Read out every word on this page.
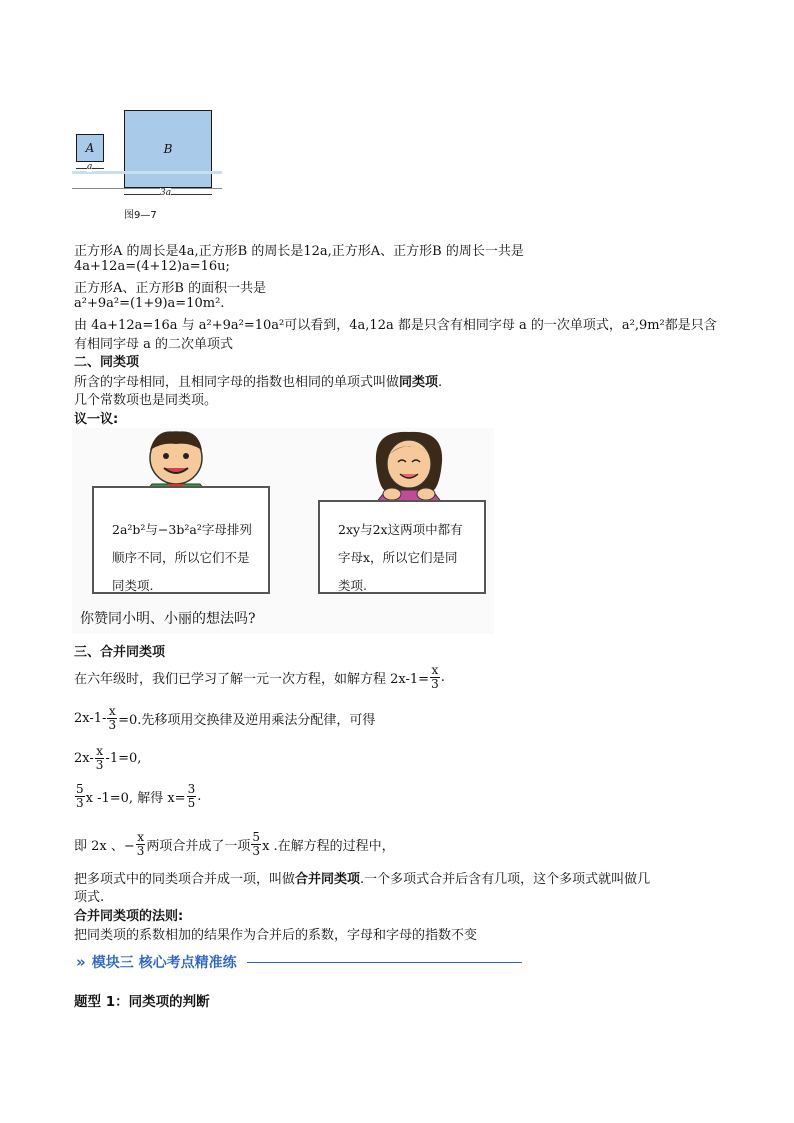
A	B
a
3a
图9—7
正方形A 的周长是4a,正方形B 的周长是12a,正方形A、正方形B 的周长一共是
4a+12a=(4+12)a=16u;
正方形A、正方形B 的面积一共是
a²+9a²=(1+9)a=10m².
由 4a+12a=16a 与 a²+9a²=10a²可以看到，4a,12a 都是只含有相同字母 a 的一次单项式，a²,9m²都是只含
有相同字母 a 的二次单项式
二、同类项
所含的字母相同，且相同字母的指数也相同的单项式叫做同类项.
几个常数项也是同类项。
议一议:
2a²b²与−3b²a²字母排列顺序不同，所以它们不是同类项.
2xy与2x这两项中都有字母x，所以它们是同类项.
你赞同小明、小丽的想法吗?
三、合并同类项
在六年级时，我们已学习了解一元一次方程，如解方程 $2x-1= \frac{x}{3}$ .
$2x-1- \frac{x}{3} =0$.先移项用交换律及逆用乘法分配律，可得
$2x- \frac{x}{3} -1=0$,
$\frac{5}{3}$ x -1=0, 解得 $x= \frac{3}{5}$ .
即 2x 、− $\frac{x}{3}$ 两项合并成了一项 $\frac{5}{3}$ x .在解方程的过程中，
把多项式中的同类项合并成一项，叫做合并同类项.一个多项式合并后含有几项，这个多项式就叫做几
项式.
合并同类项的法则:
把同类项的系数相加的结果作为合并后的系数，字母和字母的指数不变
» 模块三 核心考点精准练
题型 1：同类项的判断
